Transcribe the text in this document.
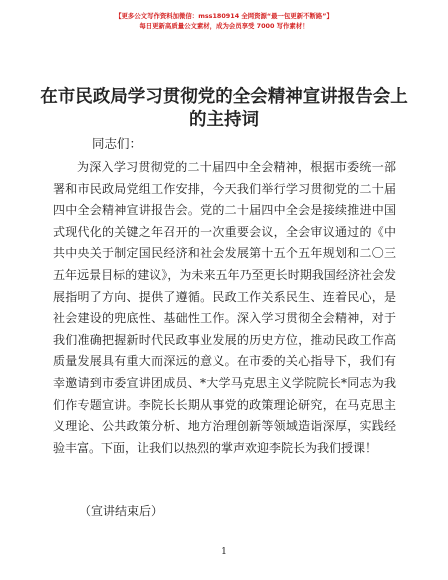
【更多公文写作资料加微信：mss180914 全网资源“最一包更新不断路”】
每日更新高质量公文素材，成为会员享受 7000 写作素材！
在市民政局学习贯彻党的全会精神宣讲报告会上的主持词
同志们：

为深入学习贯彻党的二十届四中全会精神，根据市委统一部署和市民政局党组工作安排，今天我们举行学习贯彻党的二十届四中全会精神宣讲报告会。党的二十届四中全会是接续推进中国式现代化的关键之年召开的一次重要会议，全会审议通过的《中共中央关于制定国民经济和社会发展第十五个五年规划和二〇三五年远景目标的建议》，为未来五年乃至更长时期我国经济社会发展指明了方向、提供了遵循。民政工作关系民生、连着民心，是社会建设的兜底性、基础性工作。深入学习贯彻全会精神，对于我们准确把握新时代民政事业发展的历史方位，推动民政工作高质量发展具有重大而深远的意义。在市委的关心指导下，我们有幸邀请到市委宣讲团成员、*大学马克思主义学院院长*同志为我们作专题宣讲。李院长长期从事党的政策理论研究，在马克思主义理论、公共政策分析、地方治理创新等领域造诣深厚，实践经验丰富。下面，让我们以热烈的掌声欢迎李院长为我们授课！

（宣讲结束后）
1
